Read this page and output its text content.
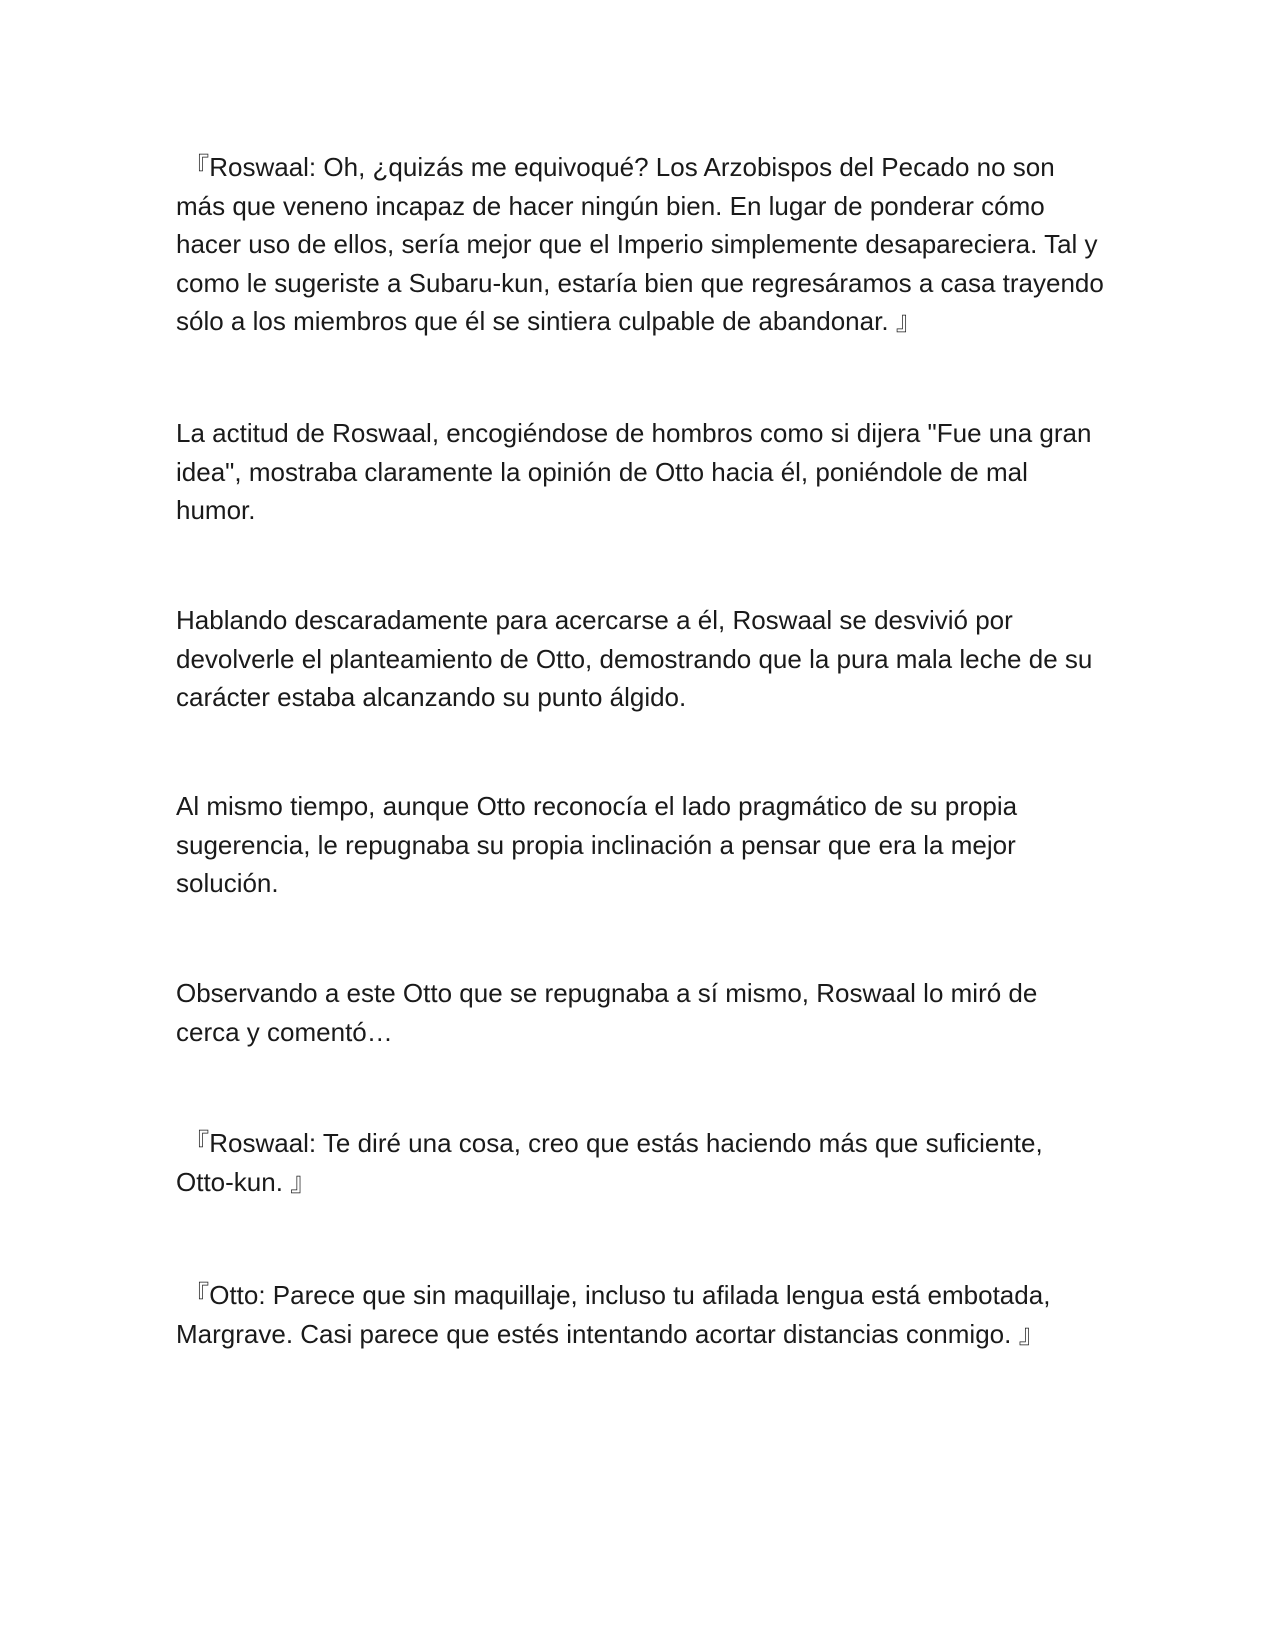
『Roswaal: Oh, ¿quizás me equivoqué? Los Arzobispos del Pecado no son más que veneno incapaz de hacer ningún bien. En lugar de ponderar cómo hacer uso de ellos, sería mejor que el Imperio simplemente desapareciera. Tal y como le sugeriste a Subaru-kun, estaría bien que regresáramos a casa trayendo sólo a los miembros que él se sintiera culpable de abandonar. 』

La actitud de Roswaal, encogiéndose de hombros como si dijera "Fue una gran idea", mostraba claramente la opinión de Otto hacia él, poniéndole de mal humor.

Hablando descaradamente para acercarse a él, Roswaal se desvivió por devolverle el planteamiento de Otto, demostrando que la pura mala leche de su carácter estaba alcanzando su punto álgido.

Al mismo tiempo, aunque Otto reconocía el lado pragmático de su propia sugerencia, le repugnaba su propia inclinación a pensar que era la mejor solución.

Observando a este Otto que se repugnaba a sí mismo, Roswaal lo miró de cerca y comentó…

『Roswaal: Te diré una cosa, creo que estás haciendo más que suficiente, Otto-kun. 』

『Otto: Parece que sin maquillaje, incluso tu afilada lengua está embotada, Margrave. Casi parece que estés intentando acortar distancias conmigo. 』
